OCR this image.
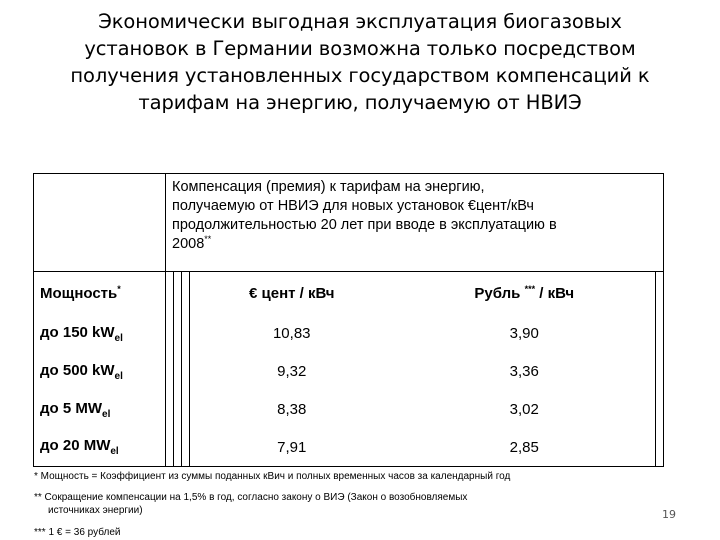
Экономически выгодная эксплуатация биогазовых
установок в Германии возможна только посредством
получения установленных государством компенсаций к
тарифам на энергию, получаемую от НВИЭ

	Компенсация (премия) к тарифам на энергию,
получаемую от НВИЭ для новых установок €цент/кВч
продолжительностью 20 лет при вводе в эксплуатацию в
2008**

Мощность*				€ цент / кВч	Рубль *** / кВч	
до 150 $kW_{el}$				10,83	3,90	
до 500 $kW_{el}$				9,32	3,36	
до 5 $MW_{el}$				8,38	3,02	
до 20 $MW_{el}$				7,91	2,85	
* Мощность = Коэффициент из суммы поданных кВич и полных временных часов за календарный год
** Сокращение компенсации на 1,5% в год, согласно закону о ВИЭ (Закон о возобновляемых
источниках энергии)
*** 1 € = 36 рублей
19
